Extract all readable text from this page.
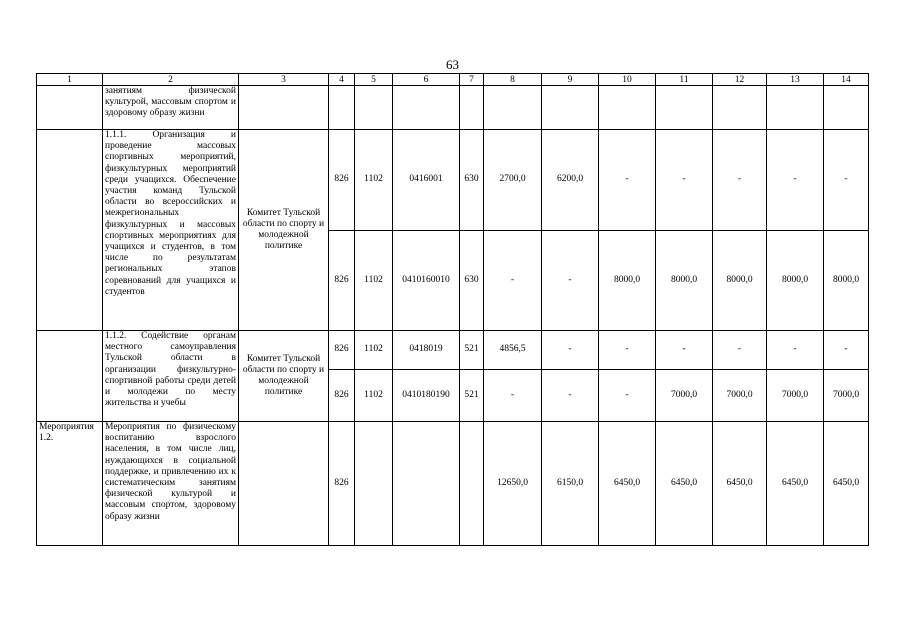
63
1	2	3	4	5	6	7	8	9	10	11	12	13	14
	занятиям физической культурой, массовым спортом и здоровому образу жизни												
	1.1.1. Организация и проведение массовых спортивных мероприятий, физкультурных мероприятий среди учащихся. Обеспечение участия команд Тульской области во всероссийских и межрегиональных физкультурных и массовых спортивных мероприятиях для учащихся и студентов, в том числе по результатам региональных этапов соревнований для учащихся и студентов	Комитет Тульской области по спорту и молодежной политике	826	1102	0416001	630	2700,0	6200,0	-	-	-	-	-
			826	1102	0410160010	630	-	-	8000,0	8000,0	8000,0	8000,0	8000,0
	1.1.2. Содействие органам местного самоуправления Тульской области в организации физкультурно-спортивной работы среди детей и молодежи по месту жительства и учебы	Комитет Тульской области по спорту и молодежной политике	826	1102	0418019	521	4856,5	-	-	-	-	-	-
			826	1102	0410180190	521	-	-	-	7000,0	7000,0	7000,0	7000,0
Мероприятия 1.2.	Мероприятия по физическому воспитанию взрослого населения, в том числе лиц, нуждающихся в социальной поддержке, и привлечению их к систематическим занятиям физической культурой и массовым спортом, здоровому образу жизни		826				12650,0	6150,0	6450,0	6450,0	6450,0	6450,0	6450,0
